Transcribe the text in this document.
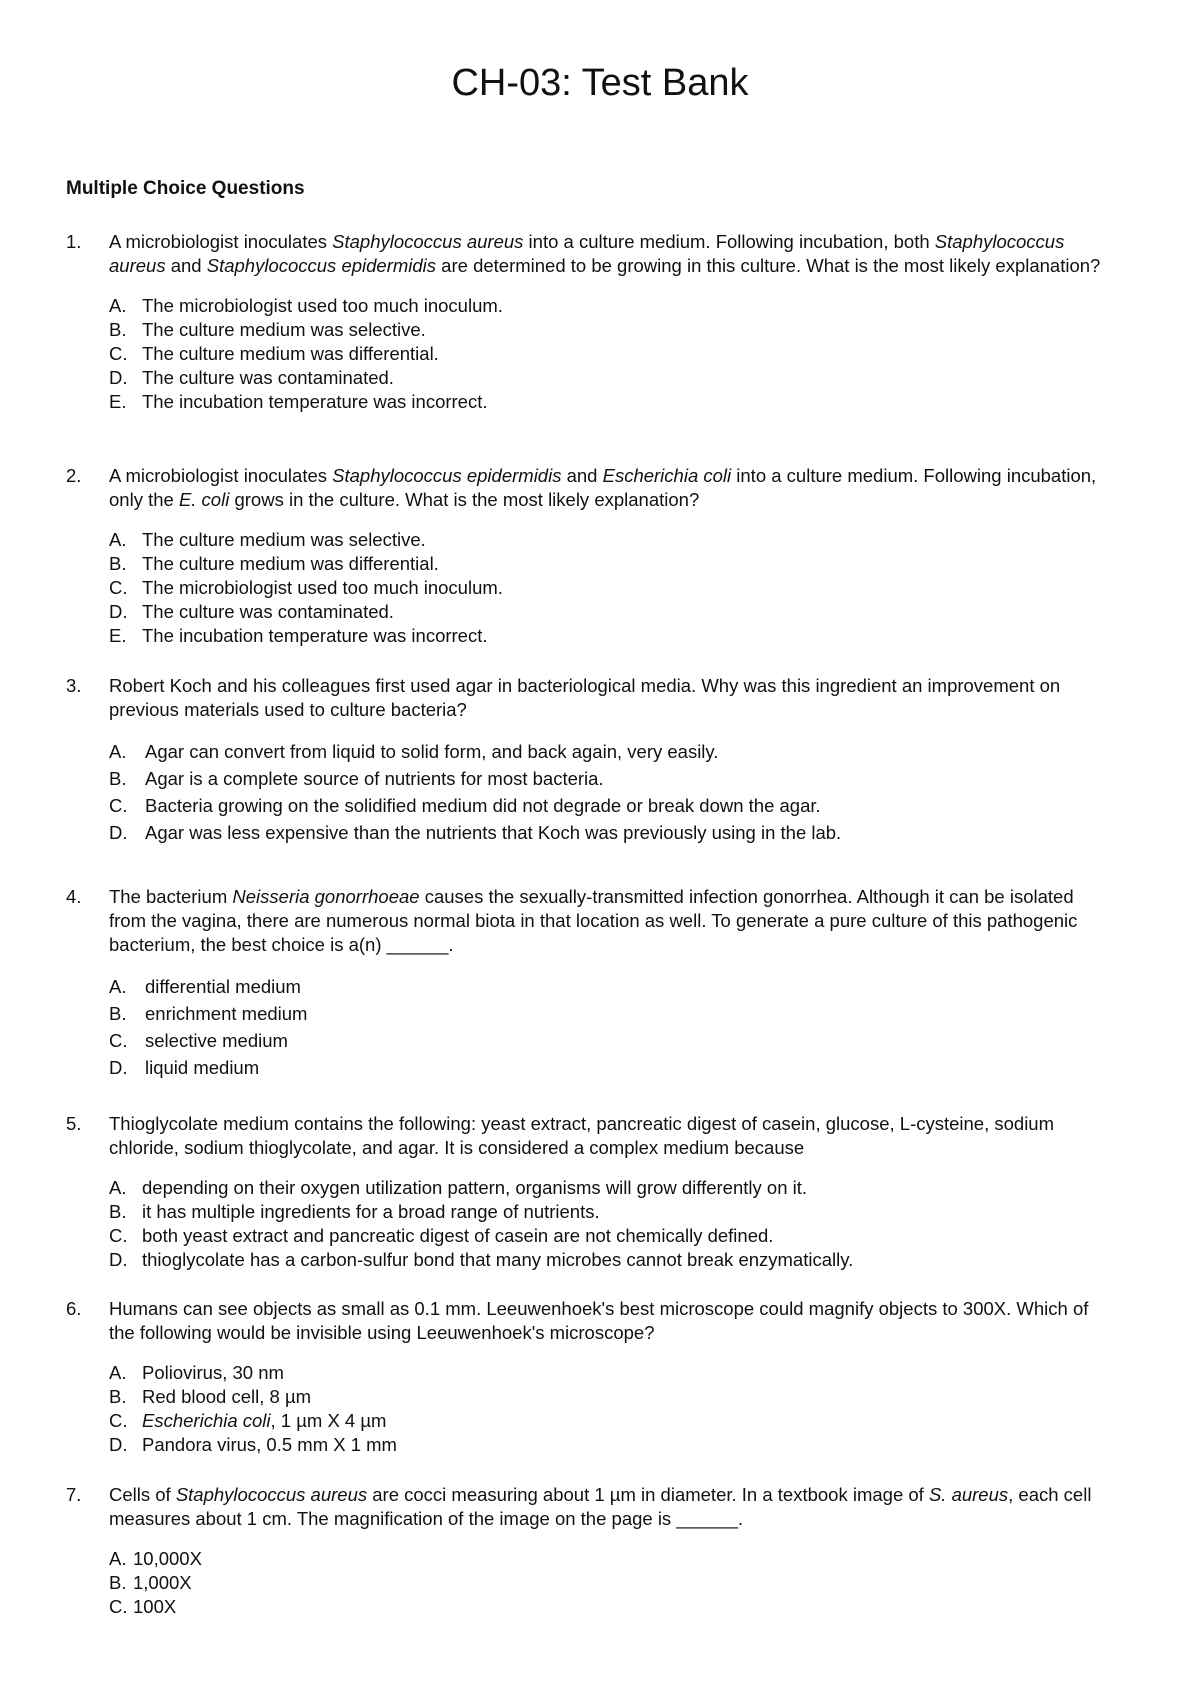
CH-03: Test Bank
Multiple Choice Questions
1. A microbiologist inoculates Staphylococcus aureus into a culture medium. Following incubation, both Staphylococcus aureus and Staphylococcus epidermidis are determined to be growing in this culture. What is the most likely explanation?
A. The microbiologist used too much inoculum.
B. The culture medium was selective.
C. The culture medium was differential.
D. The culture was contaminated.
E. The incubation temperature was incorrect.
2. A microbiologist inoculates Staphylococcus epidermidis and Escherichia coli into a culture medium. Following incubation, only the E. coli grows in the culture. What is the most likely explanation?
A. The culture medium was selective.
B. The culture medium was differential.
C. The microbiologist used too much inoculum.
D. The culture was contaminated.
E. The incubation temperature was incorrect.
3. Robert Koch and his colleagues first used agar in bacteriological media. Why was this ingredient an improvement on previous materials used to culture bacteria?
A. Agar can convert from liquid to solid form, and back again, very easily.
B. Agar is a complete source of nutrients for most bacteria.
C. Bacteria growing on the solidified medium did not degrade or break down the agar.
D. Agar was less expensive than the nutrients that Koch was previously using in the lab.
4. The bacterium Neisseria gonorrhoeae causes the sexually-transmitted infection gonorrhea. Although it can be isolated from the vagina, there are numerous normal biota in that location as well. To generate a pure culture of this pathogenic bacterium, the best choice is a(n) ______.
A. differential medium
B. enrichment medium
C. selective medium
D. liquid medium
5. Thioglycolate medium contains the following: yeast extract, pancreatic digest of casein, glucose, L-cysteine, sodium chloride, sodium thioglycolate, and agar. It is considered a complex medium because
A. depending on their oxygen utilization pattern, organisms will grow differently on it.
B. it has multiple ingredients for a broad range of nutrients.
C. both yeast extract and pancreatic digest of casein are not chemically defined.
D. thioglycolate has a carbon-sulfur bond that many microbes cannot break enzymatically.
6. Humans can see objects as small as 0.1 mm. Leeuwenhoek's best microscope could magnify objects to 300X. Which of the following would be invisible using Leeuwenhoek's microscope?
A. Poliovirus, 30 nm
B. Red blood cell, 8 µm
C. Escherichia coli, 1 µm X 4 µm
D. Pandora virus, 0.5 mm X 1 mm
7. Cells of Staphylococcus aureus are cocci measuring about 1 µm in diameter. In a textbook image of S. aureus, each cell measures about 1 cm. The magnification of the image on the page is ______.
A. 10,000X
B. 1,000X
C. 100X
